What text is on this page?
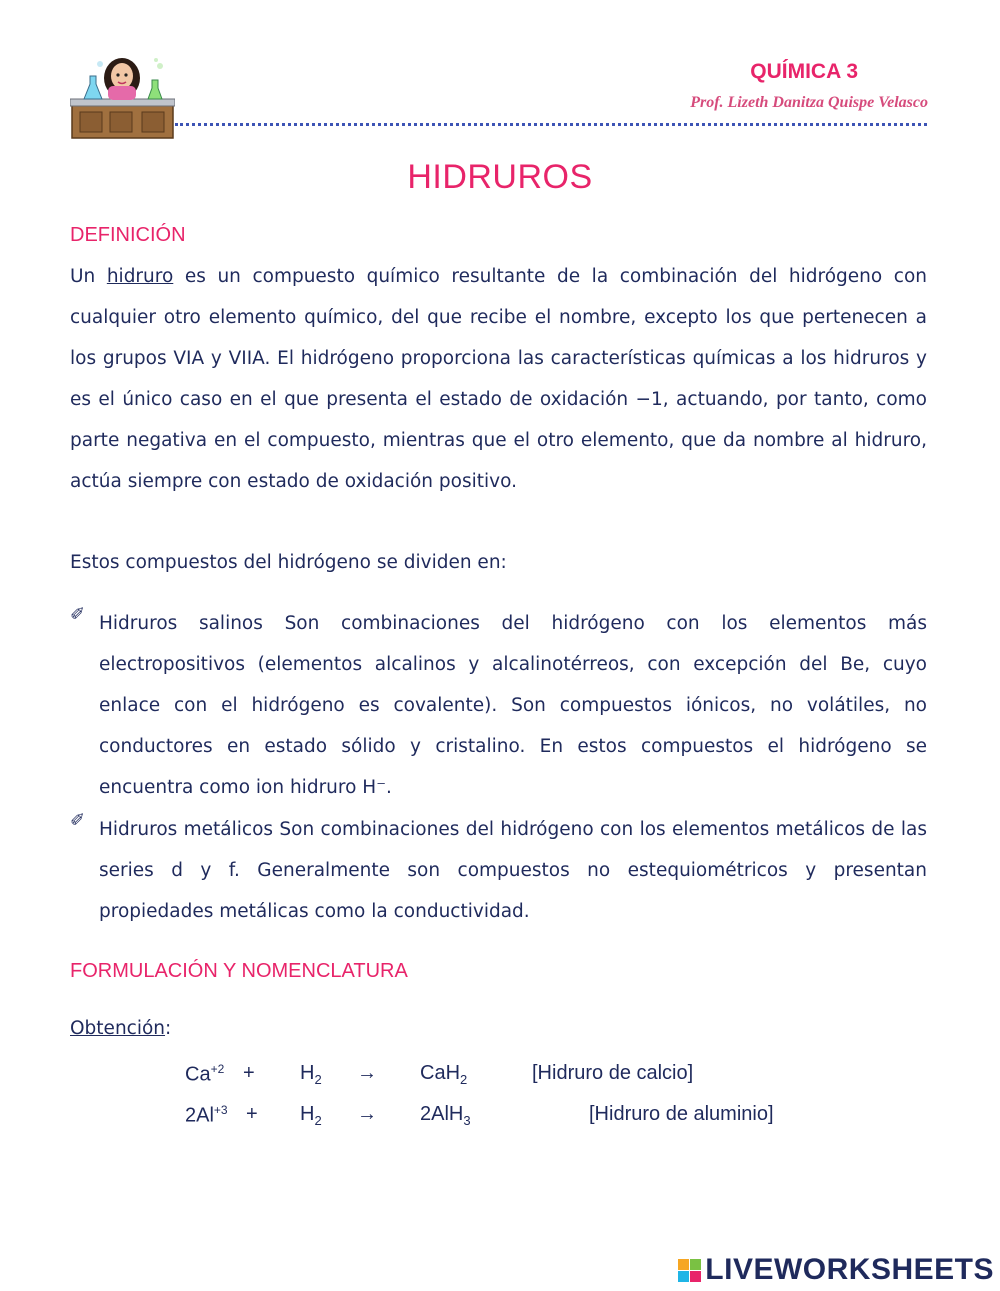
QUÍMICA 3
Prof. Lizeth Danitza Quispe Velasco
HIDRUROS
DEFINICIÓN

Un hidruro es un compuesto químico resultante de la combinación del hidrógeno con cualquier otro elemento químico, del que recibe el nombre, excepto los que pertenecen a los grupos VIA y VIIA. El hidrógeno proporciona las características químicas a los hidruros y es el único caso en el que presenta el estado de oxidación −1, actuando, por tanto, como parte negativa en el compuesto, mientras que el otro elemento, que da nombre al hidruro, actúa siempre con estado de oxidación positivo.

Estos compuestos del hidrógeno se dividen en:

✐ Hidruros salinos Son combinaciones del hidrógeno con los elementos más electropositivos (elementos alcalinos y alcalinotérreos, con excepción del Be, cuyo enlace con el hidrógeno es covalente). Son compuestos iónicos, no volátiles, no conductores en estado sólido y cristalino. En estos compuestos el hidrógeno se encuentra como ion hidruro H⁻.

✐ Hidruros metálicos Son combinaciones del hidrógeno con los elementos metálicos de las series d y f. Generalmente son compuestos no estequiométricos y presentan propiedades metálicas como la conductividad.

FORMULACIÓN Y NOMENCLATURA
Obtención:
$Ca^{+2} + H_2 \to CaH_2$	[Hidruro de calcio]
$2Al^{+3} + H_2 \to 2AlH_3$	[Hidruro de aluminio]
LIVEWORKSHEETS
